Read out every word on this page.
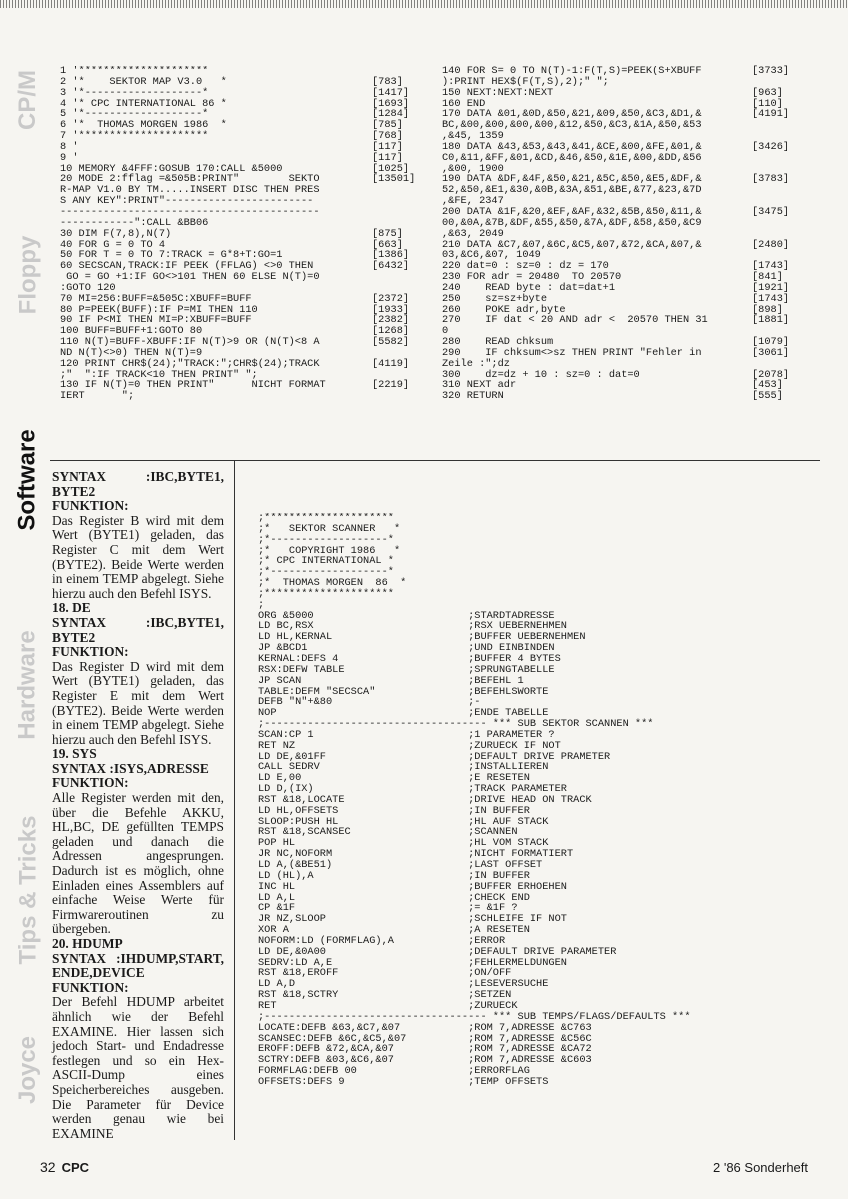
CP/M
Floppy
Software
Hardware
Tips & Tricks
Joyce
1 '*********************
2 '*    SEKTOR MAP V3.0   *
3 '*-------------------*
4 '* CPC INTERNATIONAL 86 *
5 '*-------------------*
6 '*  THOMAS MORGEN 1986  *
7 '*********************
8 '
9 '
10 MEMORY &4FFF:GOSUB 170:CALL &5000
20 MODE 2:fflag =&505B:PRINT"        SEKTO
R-MAP V1.0 BY TM.....INSERT DISC THEN PRES
S ANY KEY":PRINT"------------------------
------------------------------------------
------------":CALL &BB06
30 DIM F(7,8),N(7)
40 FOR G = 0 TO 4
50 FOR T = 0 TO 7:TRACK = G*8+T:GO=1
60 SECSCAN,TRACK:IF PEEK (FFLAG) <>0 THEN
GO = GO +1:IF GO<>101 THEN 60 ELSE N(T)=0
:GOTO 120
70 MI=256:BUFF=&505C:XBUFF=BUFF
80 P=PEEK(BUFF):IF P=MI THEN 110
90 IF P<MI THEN MI=P:XBUFF=BUFF
100 BUFF=BUFF+1:GOTO 80
110 N(T)=BUFF-XBUFF:IF N(T)>9 OR (N(T)<8 A
ND N(T)<>0) THEN N(T)=9
120 PRINT CHR$(24);"TRACK:";CHR$(24);TRACK
;"  ":IF TRACK<10 THEN PRINT" ";
130 IF N(T)=0 THEN PRINT"      NICHT FORMAT
IERT      ";

[783]
[1417]
[1693]
[1284]
[785]
[768]
[117]
[117]
[1025]
[13501]

[875]
[663]
[1386]
[6432]

[2372]
[1933]
[2382]
[1268]
[5582]

[4119]

[2219]

140 FOR S= 0 TO N(T)-1:F(T,S)=PEEK(S+XBUFF
):PRINT HEX$(F(T,S),2);" ";
150 NEXT:NEXT:NEXT
160 END
170 DATA &01,&0D,&50,&21,&09,&50,&C3,&D1,&
BC,&00,&00,&00,&00,&12,&50,&C3,&1A,&50,&53
,&45, 1359
180 DATA &43,&53,&43,&41,&CE,&00,&FE,&01,&
C0,&11,&FF,&01,&CD,&46,&50,&1E,&00,&DD,&56
,&00, 1900
190 DATA &DF,&4F,&50,&21,&5C,&50,&E5,&DF,&
52,&50,&E1,&30,&0B,&3A,&51,&BE,&77,&23,&7D
,&FE, 2347
200 DATA &1F,&20,&EF,&AF,&32,&5B,&50,&11,&
00,&0A,&7B,&DF,&55,&50,&7A,&DF,&58,&50,&C9
,&63, 2049
210 DATA &C7,&07,&6C,&C5,&07,&72,&CA,&07,&
03,&C6,&07, 1049
220 dat=0 : sz=0 : dz = 170
230 FOR adr = 20480  TO 20570
240    READ byte : dat=dat+1
250    sz=sz+byte
260    POKE adr,byte
270    IF dat < 20 AND adr <  20570 THEN 31
0
280    READ chksum
290    IF chksum<>sz THEN PRINT "Fehler in
Zeile :";dz
300    dz=dz + 10 : sz=0 : dat=0
310 NEXT adr
320 RETURN
[3733]

[963]
[110]
[4191]

[3426]

[3783]

[3475]

[2480]

[1743]
[841]
[1921]
[1743]
[898]
[1881]

[1079]
[3061]

[2078]
[453]
[555]

SYNTAX :IBC,BYTE1, BYTE2

FUNKTION:

Das Register B wird mit dem Wert (BYTE1) geladen, das Register C mit dem Wert (BYTE2). Beide Werte werden in einem TEMP abgelegt. Siehe hierzu auch den Befehl ISYS.

18. DE

SYNTAX :IBC,BYTE1, BYTE2

FUNKTION:

Das Register D wird mit dem Wert (BYTE1) geladen, das Register E mit dem Wert (BYTE2). Beide Werte werden in einem TEMP abgelegt. Siehe hierzu auch den Befehl ISYS.

19. SYS

SYNTAX :ISYS,ADRESSE

FUNKTION:

Alle Register werden mit den, über die Befehle AKKU, HL,BC, DE gefüllten TEMPS geladen und danach die Adressen angesprungen. Dadurch ist es möglich, ohne Einladen eines Assemblers auf einfache Weise Werte für Firmwareroutinen zu übergeben.

20. HDUMP

SYNTAX :IHDUMP,START, ENDE,DEVICE

FUNKTION:

Der Befehl HDUMP arbeitet ähnlich wie der Befehl EXAMINE. Hier lassen sich jedoch Start- und Endadresse festlegen und so ein Hex-ASCII-Dump eines Speicherbereiches ausgeben. Die Parameter für Device werden genau wie bei EXAMINE

;*********************
;*   SEKTOR SCANNER   *
;*-------------------*
;*   COPYRIGHT 1986   *
;* CPC INTERNATIONAL *
;*-------------------*
;*  THOMAS MORGEN  86  *
;*********************
;
ORG &5000                         ;STARDTADRESSE
LD BC,RSX                         ;RSX UEBERNEHMEN
LD HL,KERNAL                      ;BUFFER UEBERNEHMEN
JP &BCD1                          ;UND EINBINDEN
KERNAL:DEFS 4                     ;BUFFER 4 BYTES
RSX:DEFW TABLE                    ;SPRUNGTABELLE
JP SCAN                           ;BEFEHL 1
TABLE:DEFM "SECSCA"               ;BEFEHLSWORTE
DEFB "N"+&80                      ;-
NOP                               ;ENDE TABELLE
;------------------------------------ *** SUB SEKTOR SCANNEN ***
SCAN:CP 1                         ;1 PARAMETER ?
RET NZ                            ;ZURUECK IF NOT
LD DE,&01FF                       ;DEFAULT DRIVE PRAMETER
CALL SEDRV                        ;INSTALLIEREN
LD E,00                           ;E RESETEN
LD D,(IX)                         ;TRACK PARAMETER
RST &18,LOCATE                    ;DRIVE HEAD ON TRACK
LD HL,OFFSETS                     ;IN BUFFER
SLOOP:PUSH HL                     ;HL AUF STACK
RST &18,SCANSEC                   ;SCANNEN
POP HL                            ;HL VOM STACK
JR NC,NOFORM                      ;NICHT FORMATIERT
LD A,(&BE51)                      ;LAST OFFSET
LD (HL),A                         ;IN BUFFER
INC HL                            ;BUFFER ERHOEHEN
LD A,L                            ;CHECK END
CP &1F                            ;= &1F ?
JR NZ,SLOOP                       ;SCHLEIFE IF NOT
XOR A                             ;A RESETEN
NOFORM:LD (FORMFLAG),A            ;ERROR
LD DE,&0A00                       ;DEFAULT DRIVE PARAMETER
SEDRV:LD A,E                      ;FEHLERMELDUNGEN
RST &18,EROFF                     ;ON/OFF
LD A,D                            ;LESEVERSUCHE
RST &18,SCTRY                     ;SETZEN
RET                               ;ZURUECK
;------------------------------------ *** SUB TEMPS/FLAGS/DEFAULTS ***
LOCATE:DEFB &63,&C7,&07           ;ROM 7,ADRESSE &C763
SCANSEC:DEFB &6C,&C5,&07          ;ROM 7,ADRESSE &C56C
EROFF:DEFB &72,&CA,&07            ;ROM 7,ADRESSE &CA72
SCTRY:DEFB &03,&C6,&07            ;ROM 7,ADRESSE &C603
FORMFLAG:DEFB 00                  ;ERRORFLAG
OFFSETS:DEFS 9                    ;TEMP OFFSETS
32 CPC	2 '86 Sonderheft
